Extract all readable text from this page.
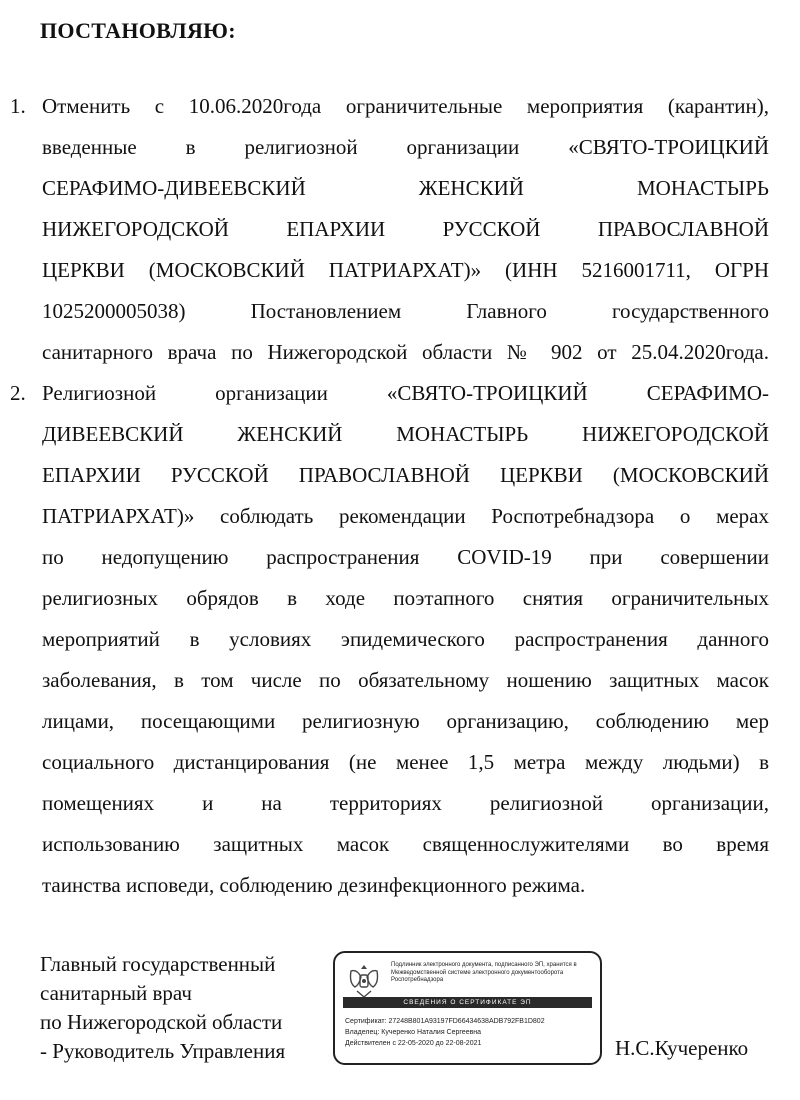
ПОСТАНОВЛЯЮ:
1. Отменить с 10.06.2020года ограничительные мероприятия (карантин),
введенные в религиозной организации «СВЯТО-ТРОИЦКИЙ
СЕРАФИМО-ДИВЕЕВСКИЙ ЖЕНСКИЙ МОНАСТЫРЬ
НИЖЕГОРОДСКОЙ ЕПАРХИИ РУССКОЙ ПРАВОСЛАВНОЙ
ЦЕРКВИ (МОСКОВСКИЙ ПАТРИАРХАТ)» (ИНН 5216001711, ОГРН
1025200005038) Постановлением Главного государственного
санитарного врача по Нижегородской области № 902 от 25.04.2020года.
2. Религиозной организации «СВЯТО-ТРОИЦКИЙ СЕРАФИМО-
ДИВЕЕВСКИЙ ЖЕНСКИЙ МОНАСТЫРЬ НИЖЕГОРОДСКОЙ
ЕПАРХИИ РУССКОЙ ПРАВОСЛАВНОЙ ЦЕРКВИ (МОСКОВСКИЙ
ПАТРИАРХАТ)» соблюдать рекомендации Роспотребнадзора о мерах
по недопущению распространения COVID-19 при совершении
религиозных обрядов в ходе поэтапного снятия ограничительных
мероприятий в условиях эпидемического распространения данного
заболевания, в том числе по обязательному ношению защитных масок
лицами, посещающими религиозную организацию, соблюдению мер
социального дистанцирования (не менее 1,5 метра между людьми) в
помещениях и на территориях религиозной организации,
использованию защитных масок священнослужителями во время
таинства исповеди, соблюдению дезинфекционного режима.
Главный государственный
санитарный врач
по Нижегородской области
- Руководитель Управления
Подлинник электронного документа, подписанного ЭП, хранится в Межведомственной системе электронного документооборота Роспотребнадзора
СВЕДЕНИЯ О СЕРТИФИКАТЕ ЭП
Сертификат: 27248B801A93197FD66434638ADB792FB1D802
Владелец: Кучеренко Наталия Сергеевна
Действителен с 22-05-2020 до 22-08-2021	Н.С.Кучеренко
